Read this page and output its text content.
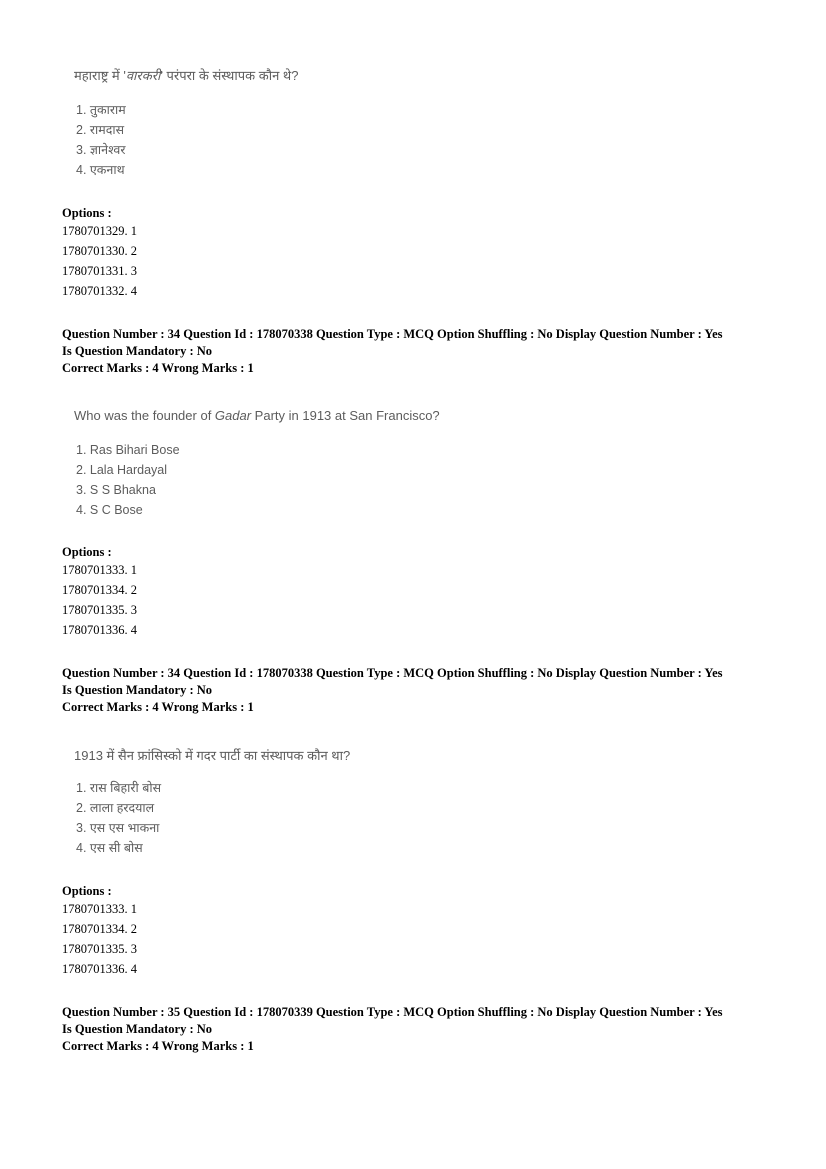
महाराष्ट्र में 'वारकरी' परंपरा के संस्थापक कौन थे?
1. तुकाराम
2. रामदास
3. ज्ञानेश्वर
4. एकनाथ
Options :
1780701329. 1
1780701330. 2
1780701331. 3
1780701332. 4
Question Number : 34 Question Id : 178070338 Question Type : MCQ Option Shuffling : No Display Question Number : Yes
Is Question Mandatory : No
Correct Marks : 4 Wrong Marks : 1
Who was the founder of Gadar Party in 1913 at San Francisco?
1. Ras Bihari Bose
2. Lala Hardayal
3. S S Bhakna
4. S C Bose
Options :
1780701333. 1
1780701334. 2
1780701335. 3
1780701336. 4
Question Number : 34 Question Id : 178070338 Question Type : MCQ Option Shuffling : No Display Question Number : Yes
Is Question Mandatory : No
Correct Marks : 4 Wrong Marks : 1
1913 में सैन फ्रांसिस्को में गदर पार्टी का संस्थापक कौन था?
1. रास बिहारी बोस
2. लाला हरदयाल
3. एस एस भाकना
4. एस सी बोस
Options :
1780701333. 1
1780701334. 2
1780701335. 3
1780701336. 4
Question Number : 35 Question Id : 178070339 Question Type : MCQ Option Shuffling : No Display Question Number : Yes
Is Question Mandatory : No
Correct Marks : 4 Wrong Marks : 1
